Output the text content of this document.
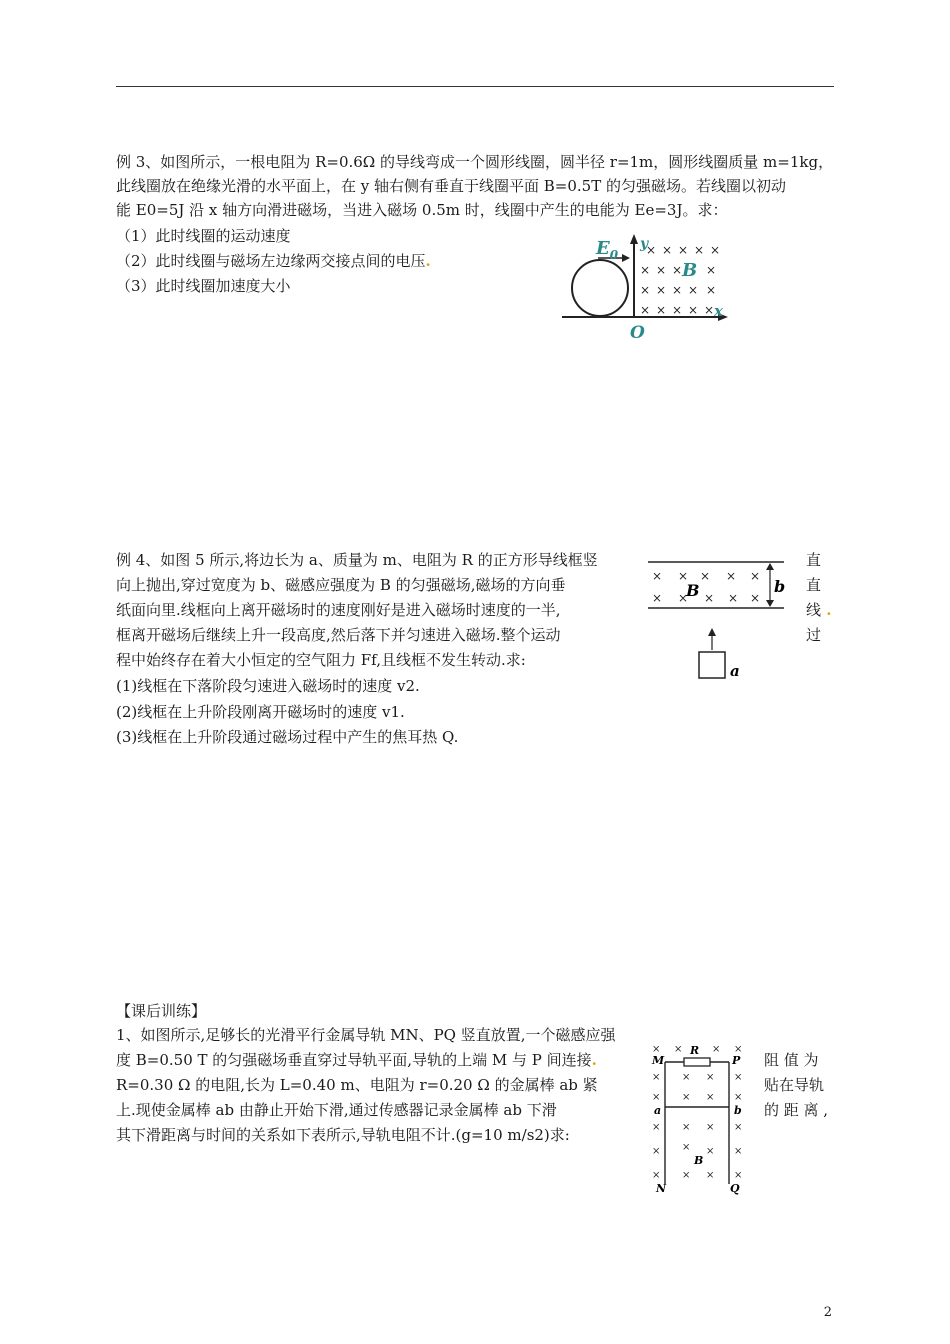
例 3、如图所示，一根电阻为 R=0.6Ω 的导线弯成一个圆形线圈，圆半径 r=1m，圆形线圈质量 m=1kg，
此线圈放在绝缘光滑的水平面上，在 y 轴右侧有垂直于线圈平面 B=0.5T 的匀强磁场。若线圈以初动
能 E0=5J 沿 x 轴方向滑进磁场，当进入磁场 0.5m 时，线圈中产生的电能为 Ee=3J。求：
（1）此时线圈的运动速度
（2）此时线圈与磁场左边缘两交接点间的电压.
（3）此时线圈加速度大小
$E_0$
y
B
x
O
× × × × ×
× × × ×
× × × × ×
× × × × ×
例 4、如图 5 所示,将边长为 a、质量为 m、电阻为 R 的正方形导线框竖
向上抛出,穿过宽度为 b、磁感应强度为 B 的匀强磁场,磁场的方向垂
纸面向里.线框向上离开磁场时的速度刚好是进入磁场时速度的一半,
框离开磁场后继续上升一段高度,然后落下并匀速进入磁场.整个运动
程中始终存在着大小恒定的空气阻力 Ff,且线框不发生转动.求:
(1)线框在下落阶段匀速进入磁场时的速度 v2.
(2)线框在上升阶段刚离开磁场时的速度 v1.
(3)线框在上升阶段通过磁场过程中产生的焦耳热 Q.
直
直
线 .
过
b
× × × × ×
× × × × ×
B
a
【课后训练】
1、如图所示,足够长的光滑平行金属导轨 MN、PQ 竖直放置,一个磁感应强
度 B=0.50 T 的匀强磁场垂直穿过导轨平面,导轨的上端 M 与 P 间连接.
R=0.30 Ω 的电阻,长为 L=0.40 m、电阻为 r=0.20 Ω 的金属棒 ab 紧
上.现使金属棒 ab 由静止开始下滑,通过传感器记录金属棒 ab 下滑
其下滑距离与时间的关系如下表所示,导轨电阻不计.(g=10 m/s2)求:
阻 值 为
贴在导轨
的 距 离 ,
M
R
P
a	b
B
N	Q
× ×	× ×
× × × ×
× × × ×
× × × ×
× × × ×
× × × ×
2
